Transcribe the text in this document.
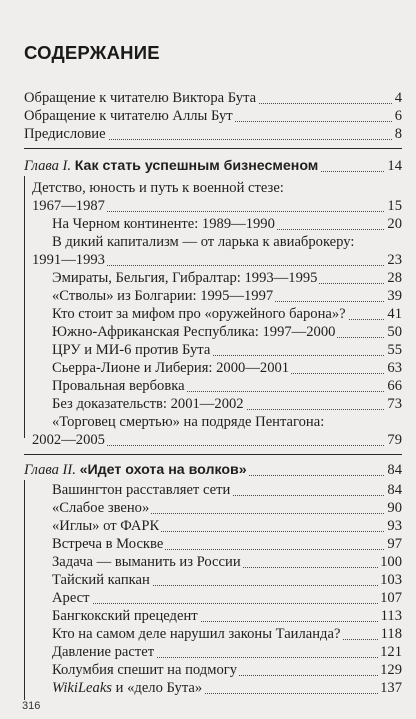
СОДЕРЖАНИЕ
Обращение к читателю Виктора Бута	4
Обращение к читателю Аллы Бут	6
Предисловие	8
Глава I. Как стать успешным бизнесменом	14
Детство, юность и путь к военной стезе:
1967—1987	15
На Черном континенте: 1989—1990	20
В дикий капитализм — от ларька к авиаброкеру:
1991—1993	23
Эмираты, Бельгия, Гибралтар: 1993—1995	28
«Стволы» из Болгарии: 1995—1997	39
Кто стоит за мифом про «оружейного барона»?	41
Южно-Африканская Республика: 1997—2000	50
ЦРУ и МИ-6 против Бута	55
Сьерра-Лионе и Либерия: 2000—2001	63
Провальная вербовка	66
Без доказательств: 2001—2002	73
«Торговец смертью» на подряде Пентагона:
2002—2005	79
Глава II. «Идет охота на волков»	84
Вашингтон расставляет сети	84
«Слабое звено»	90
«Иглы» от ФАРК	93
Встреча в Москве	97
Задача — выманить из России	100
Тайский капкан	103
Арест	107
Бангкокский прецедент	113
Кто на самом деле нарушил законы Таиланда?	118
Давление растет	121
Колумбия спешит на подмогу	129
WikiLeaks и «дело Бута»	137
316
